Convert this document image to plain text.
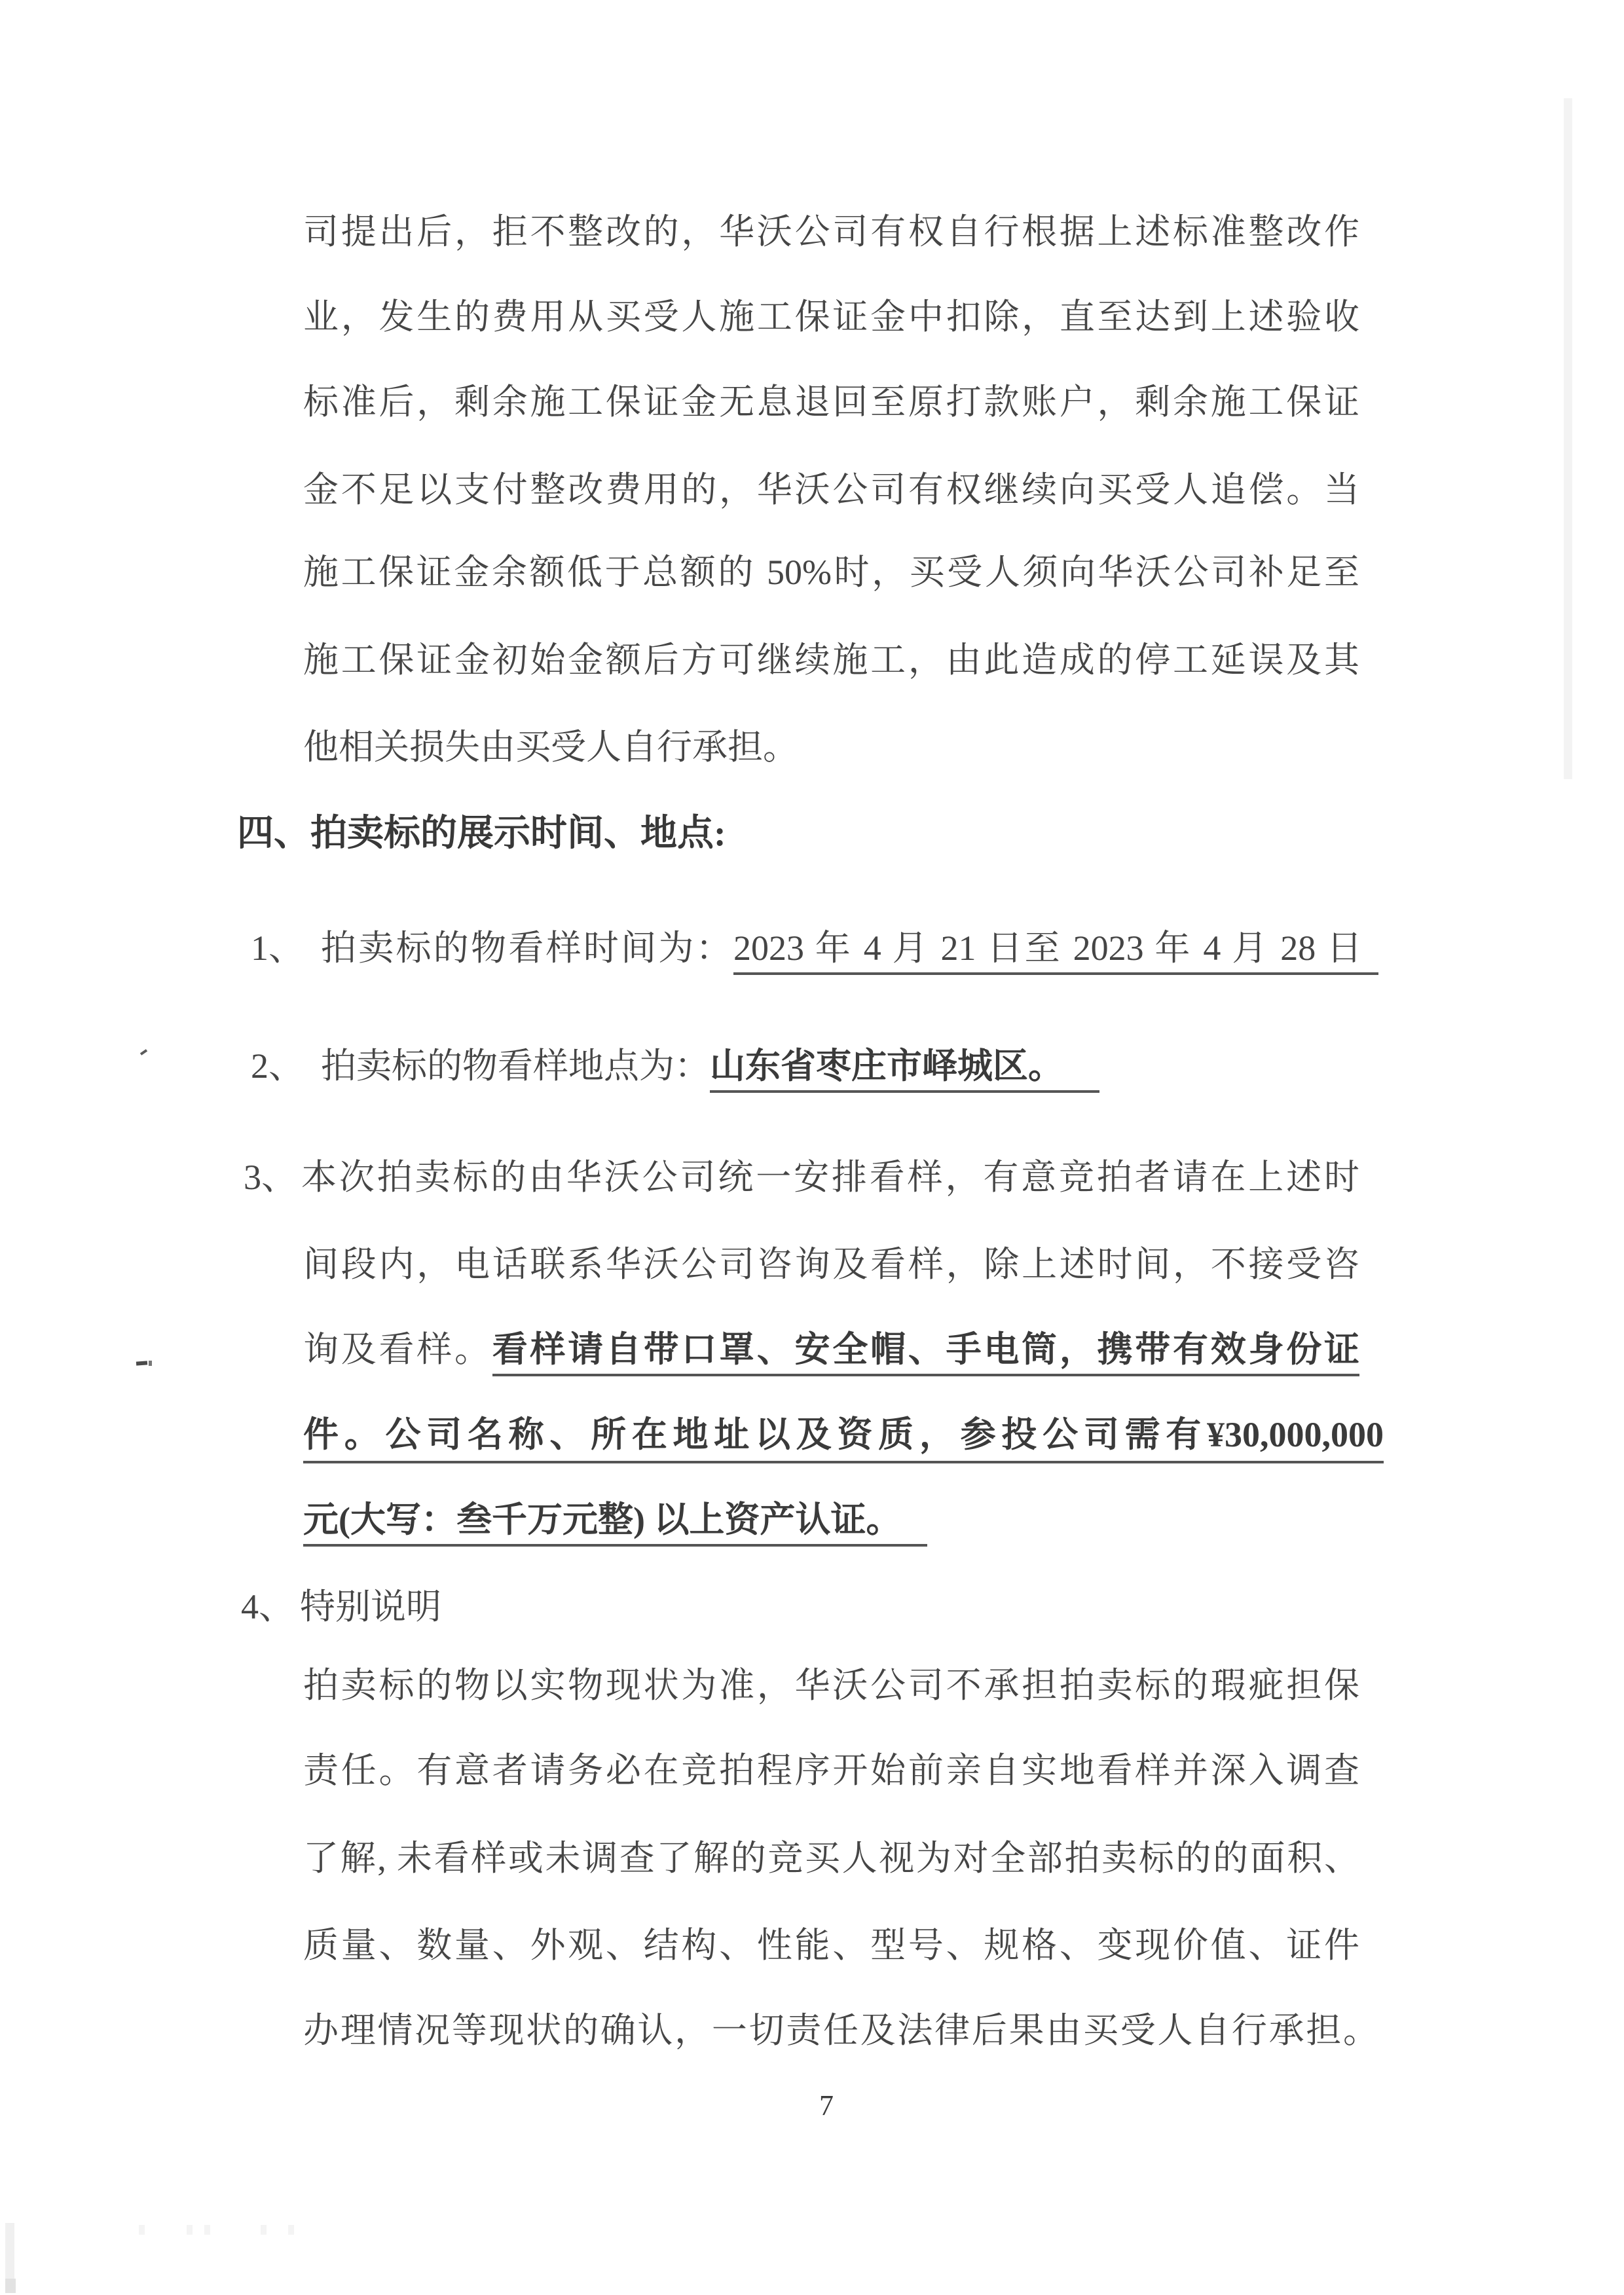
司提出后，拒不整改的，华沃公司有权自行根据上述标准整改作
业，发生的费用从买受人施工保证金中扣除，直至达到上述验收
标准后，剩余施工保证金无息退回至原打款账户，剩余施工保证
金不足以支付整改费用的，华沃公司有权继续向买受人追偿。当
施工保证金余额低于总额的 50%时，买受人须向华沃公司补足至
施工保证金初始金额后方可继续施工，由此造成的停工延误及其
他相关损失由买受人自行承担。
四、拍卖标的展示时间、地点:
1、 拍卖标的物看样时间为：2023 年 4 月 21 日至 2023 年 4 月 28 日
2、 拍卖标的物看样地点为：山东省枣庄市峄城区。
3、 本次拍卖标的由华沃公司统一安排看样，有意竞拍者请在上述时
间段内，电话联系华沃公司咨询及看样，除上述时间，不接受咨
询及看样。看样请自带口罩、安全帽、手电筒，携带有效身份证
件。公司名称、所在地址以及资质，参投公司需有¥30,000,000
元(大写：叁千万元整) 以上资产认证。
4、 特别说明
拍卖标的物以实物现状为准，华沃公司不承担拍卖标的瑕疵担保
责任。有意者请务必在竞拍程序开始前亲自实地看样并深入调查
了解, 未看样或未调查了解的竞买人视为对全部拍卖标的的面积、
质量、数量、外观、结构、性能、型号、规格、变现价值、证件
办理情况等现状的确认，一切责任及法律后果由买受人自行承担。
7
